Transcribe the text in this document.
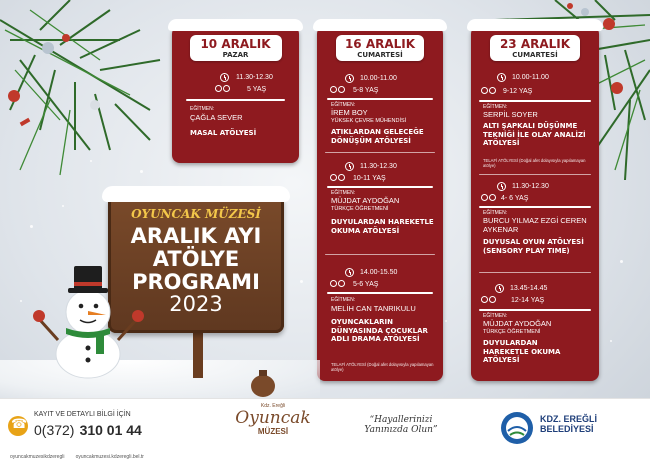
10 ARALIK
PAZAR
11.30-12.30
5 YAŞ
EĞİTMEN:
ÇAĞLA SEVER
MASAL ATÖLYESİ
16 ARALIK
CUMARTESİ
10.00-11.00
5-8 YAŞ
EĞİTMEN:
İREM BOY
YÜKSEK ÇEVRE MÜHENDİSİ
ATIKLARDAN GELECEĞE DÖNÜŞÜM ATÖLYESİ
11.30-12.30
10-11 YAŞ
EĞİTMEN:
MÜJDAT AYDOĞAN
TÜRKÇE ÖĞRETMENİ
DUYULARDAN HAREKETLE OKUMA ATÖLYESİ
14.00-15.50
5-6 YAŞ
EĞİTMEN:
MELİH CAN TANRIKULU
OYUNCAKLARIN DÜNYASINDA ÇOCUKLAR ADLI DRAMA ATÖLYESİ
TELAFİ ATÖLYESİ (Doğal afet dolayısıyla yapılamayan atölye)
23 ARALIK
CUMARTESİ
10.00-11.00
9-12 YAŞ
EĞİTMEN:
SERPİL SOYER
ALTI ŞAPKALI DÜŞÜNME TEKNİĞİ İLE OLAY ANALİZİ ATÖLYESİ
TELAFİ ATÖLYESİ (Doğal afet dolayısıyla yapılamayan atölye)
11.30-12.30
4- 6 YAŞ
EĞİTMEN:
BURCU YILMAZ EZGİ CEREN AYKENAR
DUYUSAL OYUN ATÖLYESİ (SENSORY PLAY TIME)
13.45-14.45
12-14 YAŞ
EĞİTMEN:
MÜJDAT AYDOĞAN
TÜRKÇE ÖĞRETMENİ
DUYULARDAN HAREKETLE OKUMA ATÖLYESİ
OYUNCAK MÜZESİ
ARALIK AYI
ATÖLYE
PROGRAMI
2023
☎
KAYIT VE DETAYLI BİLGİ İÇİN
0(372) 310 01 44
oyuncakmuzesikdzeregli oyuncakmuzesi.kdzeregli.bel.tr
Kdz. Ereğli
Oyuncak
MÜZESİ
“Hayallerinizi
Yanınızda Olun”
KDZ. EREĞLİ
BELEDİYESİ
